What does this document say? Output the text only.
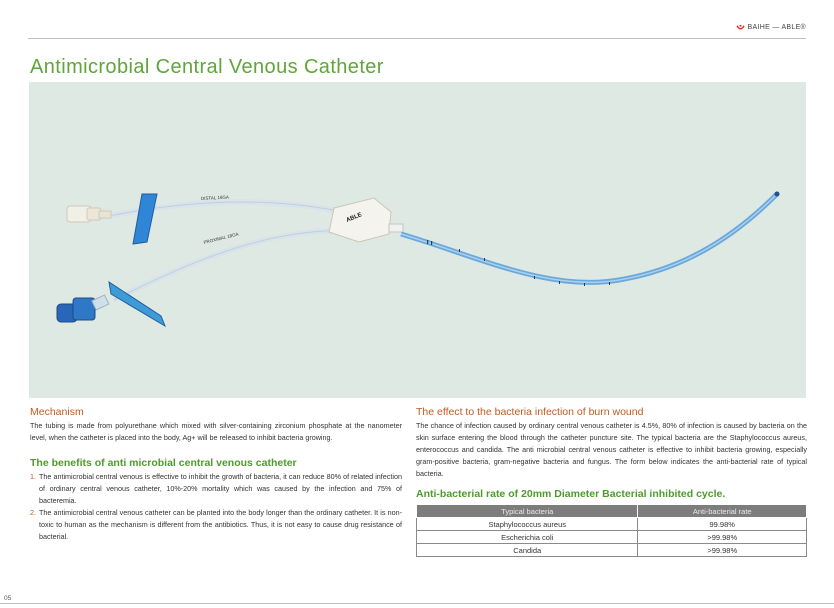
BAIHE — ABLE®
Antimicrobial Central Venous Catheter
DISTAL 16GA
PROXIMAL 18GA
ABLE
Mechanism

The tubing is made from polyurethane which mixed with silver-containing zirconium phosphate at the nanometer level, when the catheter is placed into the body, Ag+ will be released to inhibit bacteria growing.

The benefits of anti microbial central venous catheter
1. The antimicrobial central venous is effective to inhibit the growth of bacteria, it can reduce 80% of related infection of ordinary central venous catheter, 10%-20% mortality which was caused by the infection and 75% of bacteremia.
2. The antimicrobial central venous catheter can be planted into the body longer than the ordinary catheter. It is non-toxic to human as the mechanism is different from the antibiotics. Thus, it is not easy to cause drug resistance of bacterial.
The effect to the bacteria infection of burn wound

The chance of infection caused by ordinary central venous catheter is 4.5%, 80% of infection is caused by bacteria on the skin surface entering the blood through the catheter puncture site. The typical bacteria are the Staphylococcus aureus, enterococcus and candida. The anti microbial central venous catheter is effective to inhibit bacteria growing, especially gram-positive bacteria, gram-negative bacteria and fungus. The form below indicates the anti-bacterial rate of typical bacteria.

Anti-bacterial rate of 20mm Diameter Bacterial inhibited cycle.
Typical bacteria	Anti-bacterial rate
Staphylococcus aureus	99.98%
Escherichia coli	>99.98%
Candida	>99.98%
05
